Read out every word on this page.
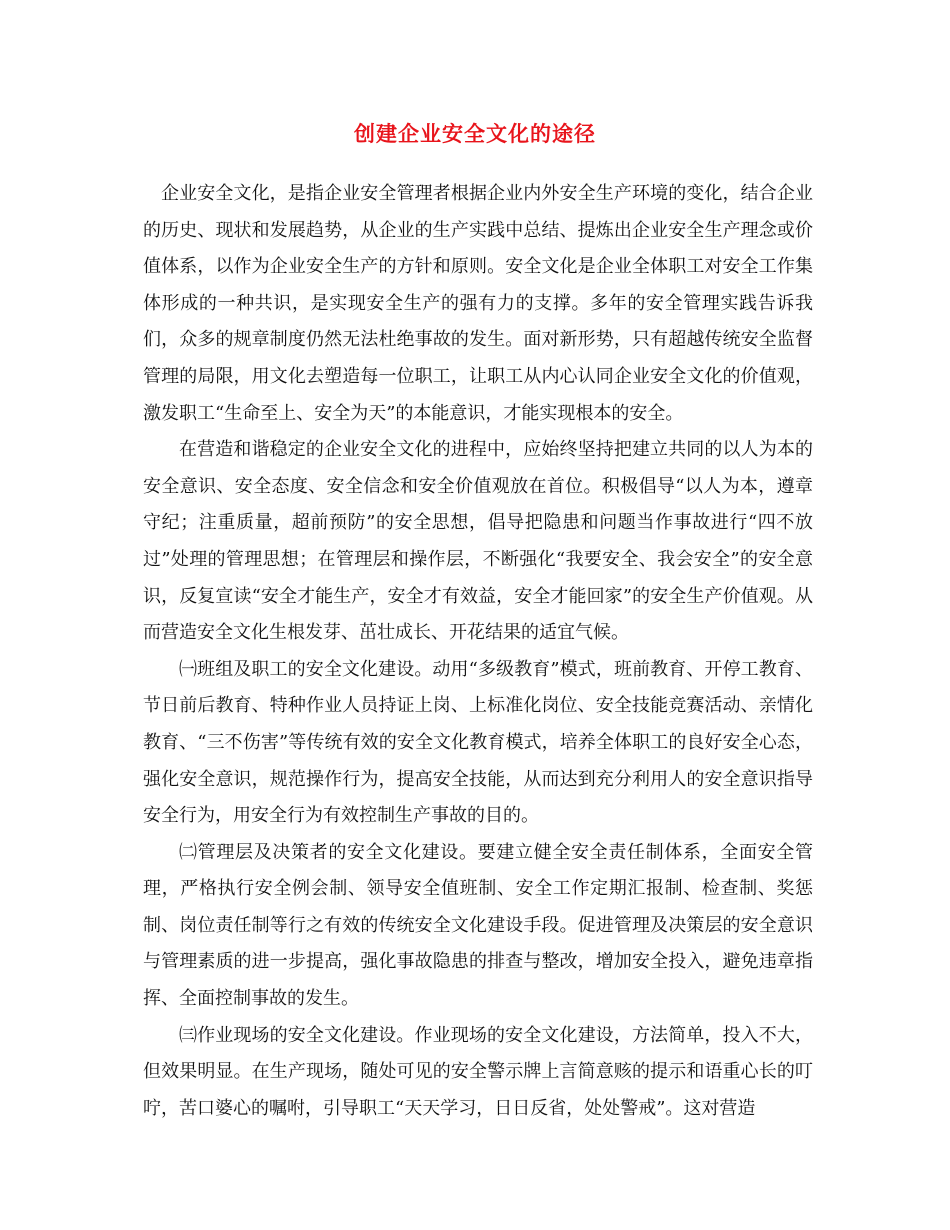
创建企业安全文化的途径

企业安全文化，是指企业安全管理者根据企业内外安全生产环境的变化，结合企业的历史、现状和发展趋势，从企业的生产实践中总结、提炼出企业安全生产理念或价值体系，以作为企业安全生产的方针和原则。安全文化是企业全体职工对安全工作集体形成的一种共识，是实现安全生产的强有力的支撑。多年的安全管理实践告诉我们，众多的规章制度仍然无法杜绝事故的发生。面对新形势，只有超越传统安全监督管理的局限，用文化去塑造每一位职工，让职工从内心认同企业安全文化的价值观，激发职工“生命至上、安全为天”的本能意识，才能实现根本的安全。

在营造和谐稳定的企业安全文化的进程中，应始终坚持把建立共同的以人为本的安全意识、安全态度、安全信念和安全价值观放在首位。积极倡导“以人为本，遵章守纪；注重质量，超前预防”的安全思想，倡导把隐患和问题当作事故进行“四不放过”处理的管理思想；在管理层和操作层，不断强化“我要安全、我会安全”的安全意识，反复宣读“安全才能生产，安全才有效益，安全才能回家”的安全生产价值观。从而营造安全文化生根发芽、茁壮成长、开花结果的适宜气候。

㈠班组及职工的安全文化建设。动用“多级教育”模式，班前教育、开停工教育、节日前后教育、特种作业人员持证上岗、上标准化岗位、安全技能竞赛活动、亲情化教育、“三不伤害”等传统有效的安全文化教育模式，培养全体职工的良好安全心态，强化安全意识，规范操作行为，提高安全技能，从而达到充分利用人的安全意识指导安全行为，用安全行为有效控制生产事故的目的。

㈡管理层及决策者的安全文化建设。要建立健全安全责任制体系，全面安全管理，严格执行安全例会制、领导安全值班制、安全工作定期汇报制、检查制、奖惩制、岗位责任制等行之有效的传统安全文化建设手段。促进管理及决策层的安全意识与管理素质的进一步提高，强化事故隐患的排查与整改，增加安全投入，避免违章指挥、全面控制事故的发生。

㈢作业现场的安全文化建设。作业现场的安全文化建设，方法简单，投入不大，但效果明显。在生产现场，随处可见的安全警示牌上言简意赅的提示和语重心长的叮咛，苦口婆心的嘱咐，引导职工“天天学习，日日反省，处处警戒”。这对营造
